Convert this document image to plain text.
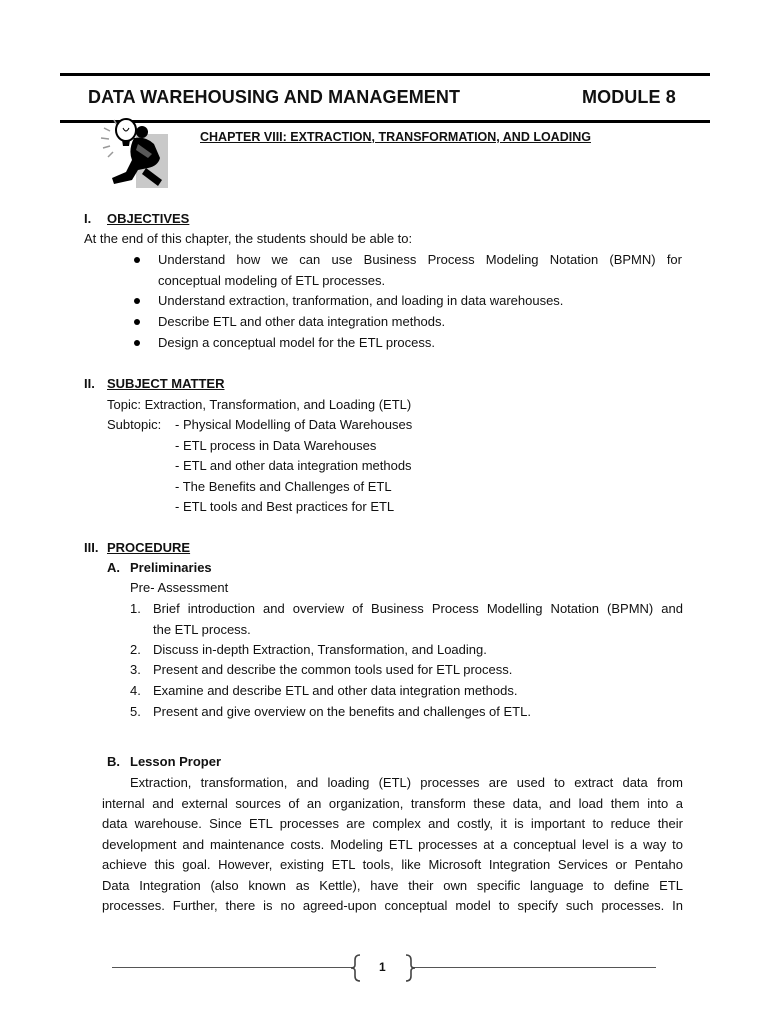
DATA WAREHOUSING AND MANAGEMENT	MODULE 8
CHAPTER VIII: EXTRACTION, TRANSFORMATION, AND LOADING
I. OBJECTIVES
At the end of this chapter, the students should be able to:
Understand how we can use Business Process Modeling Notation (BPMN) for
conceptual modeling of ETL processes.
Understand extraction, tranformation, and loading in data warehouses.
Describe ETL and other data integration methods.
Design a conceptual model for the ETL process.
II. SUBJECT MATTER
Topic: Extraction, Transformation, and Loading (ETL)
Subtopic: - Physical Modelling of Data Warehouses
- ETL process in Data Warehouses
- ETL and other data integration methods
- The Benefits and Challenges of ETL
- ETL tools and Best practices for ETL
III. PROCEDURE
A. Preliminaries
Pre- Assessment
1. Brief introduction and overview of Business Process Modelling Notation (BPMN) and
the ETL process.
2. Discuss in-depth Extraction, Transformation, and Loading.
3. Present and describe the common tools used for ETL process.
4. Examine and describe ETL and other data integration methods.
5. Present and give overview on the benefits and challenges of ETL.
B. Lesson Proper
Extraction, transformation, and loading (ETL) processes are used to extract data from
internal and external sources of an organization, transform these data, and load them into a
data warehouse. Since ETL processes are complex and costly, it is important to reduce their
development and maintenance costs. Modeling ETL processes at a conceptual level is a way to
achieve this goal. However, existing ETL tools, like Microsoft Integration Services or Pentaho
Data Integration (also known as Kettle), have their own specific language to define ETL
processes. Further, there is no agreed-upon conceptual model to specify such processes. In
1
